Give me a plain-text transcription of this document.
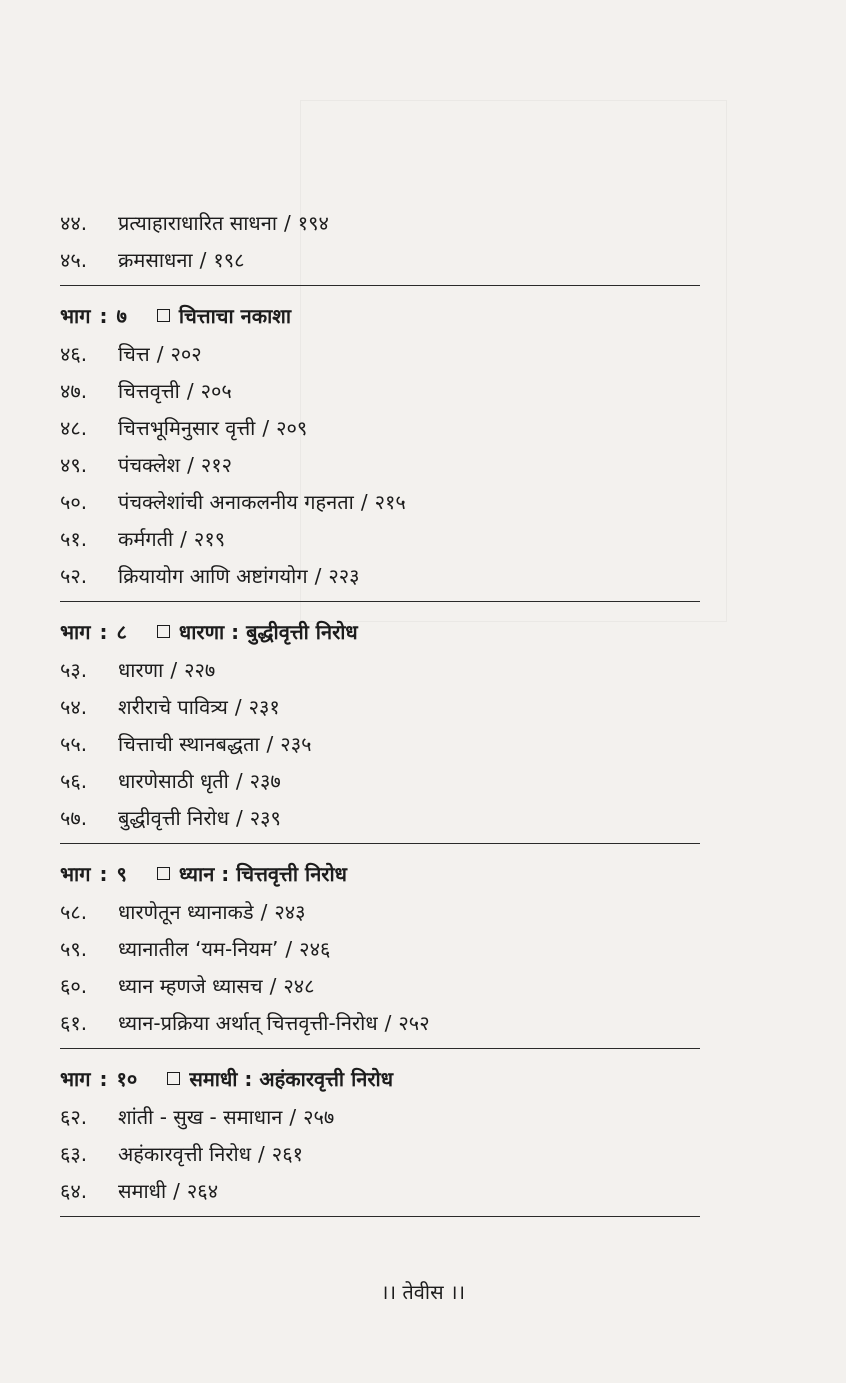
४४.	प्रत्याहाराधारित साधना / १९४
४५.	क्रमसाधना / १९८
भाग : ७	चित्ताचा नकाशा
४६.	चित्त / २०२
४७.	चित्तवृत्ती / २०५
४८.	चित्तभूमिनुसार वृत्ती / २०९
४९.	पंचक्लेश / २१२
५०.	पंचक्लेशांची अनाकलनीय गहनता / २१५
५१.	कर्मगती / २१९
५२.	क्रियायोग आणि अष्टांगयोग / २२३
भाग : ८	धारणा : बुद्धीवृत्ती निरोध
५३.	धारणा / २२७
५४.	शरीराचे पावित्र्य / २३१
५५.	चित्ताची स्थानबद्धता / २३५
५६.	धारणेसाठी धृती / २३७
५७.	बुद्धीवृत्ती निरोध / २३९
भाग : ९	ध्यान : चित्तवृत्ती निरोध
५८.	धारणेतून ध्यानाकडे / २४३
५९.	ध्यानातील ‘यम-नियम’ / २४६
६०.	ध्यान म्हणजे ध्यासच / २४८
६१.	ध्यान-प्रक्रिया अर्थात् चित्तवृत्ती-निरोध / २५२
भाग : १०	समाधी : अहंकारवृत्ती निरोध
६२.	शांती - सुख - समाधान / २५७
६३.	अहंकारवृत्ती निरोध / २६१
६४.	समाधी / २६४
।। तेवीस ।।
